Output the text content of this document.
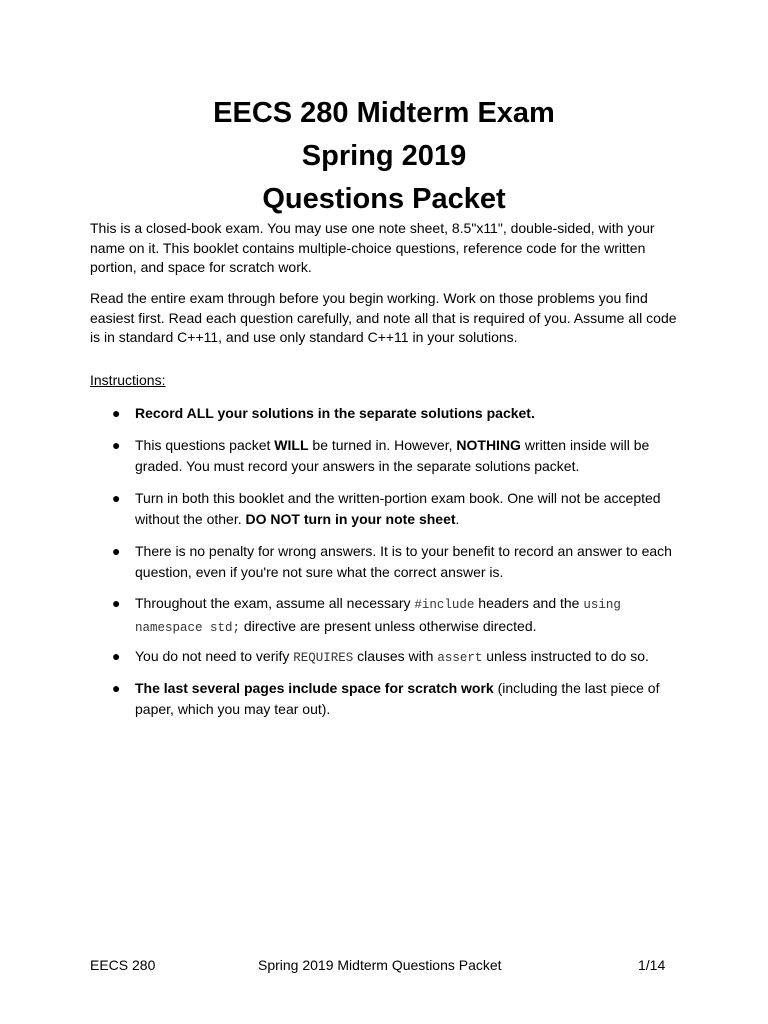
EECS 280 Midterm Exam
Spring 2019
Questions Packet
This is a closed-book exam. You may use one note sheet, 8.5"x11", double-sided, with your name on it. This booklet contains multiple-choice questions, reference code for the written portion, and space for scratch work.
Read the entire exam through before you begin working. Work on those problems you find easiest first. Read each question carefully, and note all that is required of you. Assume all code is in standard C++11, and use only standard C++11 in your solutions.
Instructions:
● Record ALL your solutions in the separate solutions packet.
● This questions packet WILL be turned in. However, NOTHING written inside will be graded. You must record your answers in the separate solutions packet.
● Turn in both this booklet and the written-portion exam book. One will not be accepted without the other. DO NOT turn in your note sheet.
● There is no penalty for wrong answers. It is to your benefit to record an answer to each question, even if you're not sure what the correct answer is.
● Throughout the exam, assume all necessary #include headers and the using namespace std; directive are present unless otherwise directed.
● You do not need to verify REQUIRES clauses with assert unless instructed to do so.
● The last several pages include space for scratch work (including the last piece of paper, which you may tear out).
EECS 280	Spring 2019 Midterm Questions Packet	1/14
